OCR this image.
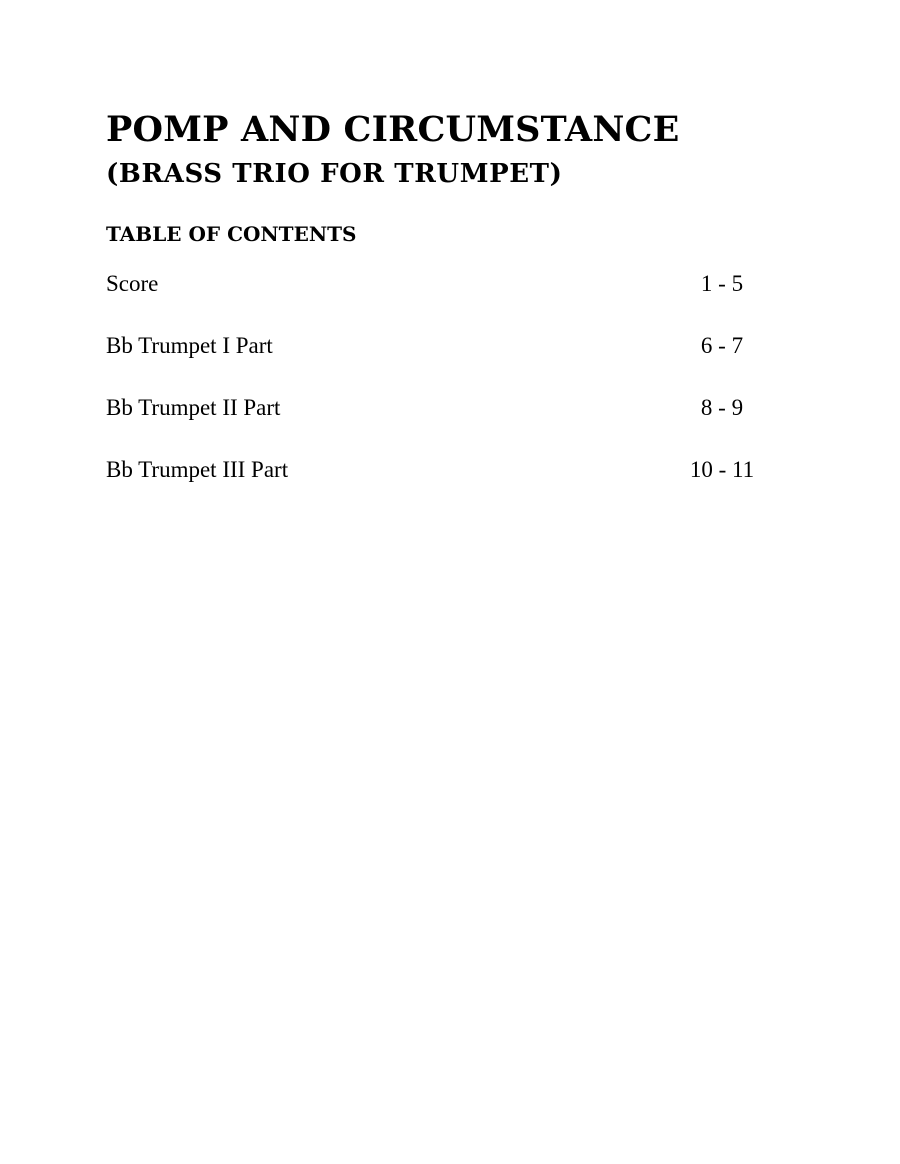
POMP AND CIRCUMSTANCE
(BRASS TRIO FOR TRUMPET)
TABLE OF CONTENTS
Score	1 - 5
Bb Trumpet I Part	6 - 7
Bb Trumpet II Part	8 - 9
Bb Trumpet III Part	10 - 11
